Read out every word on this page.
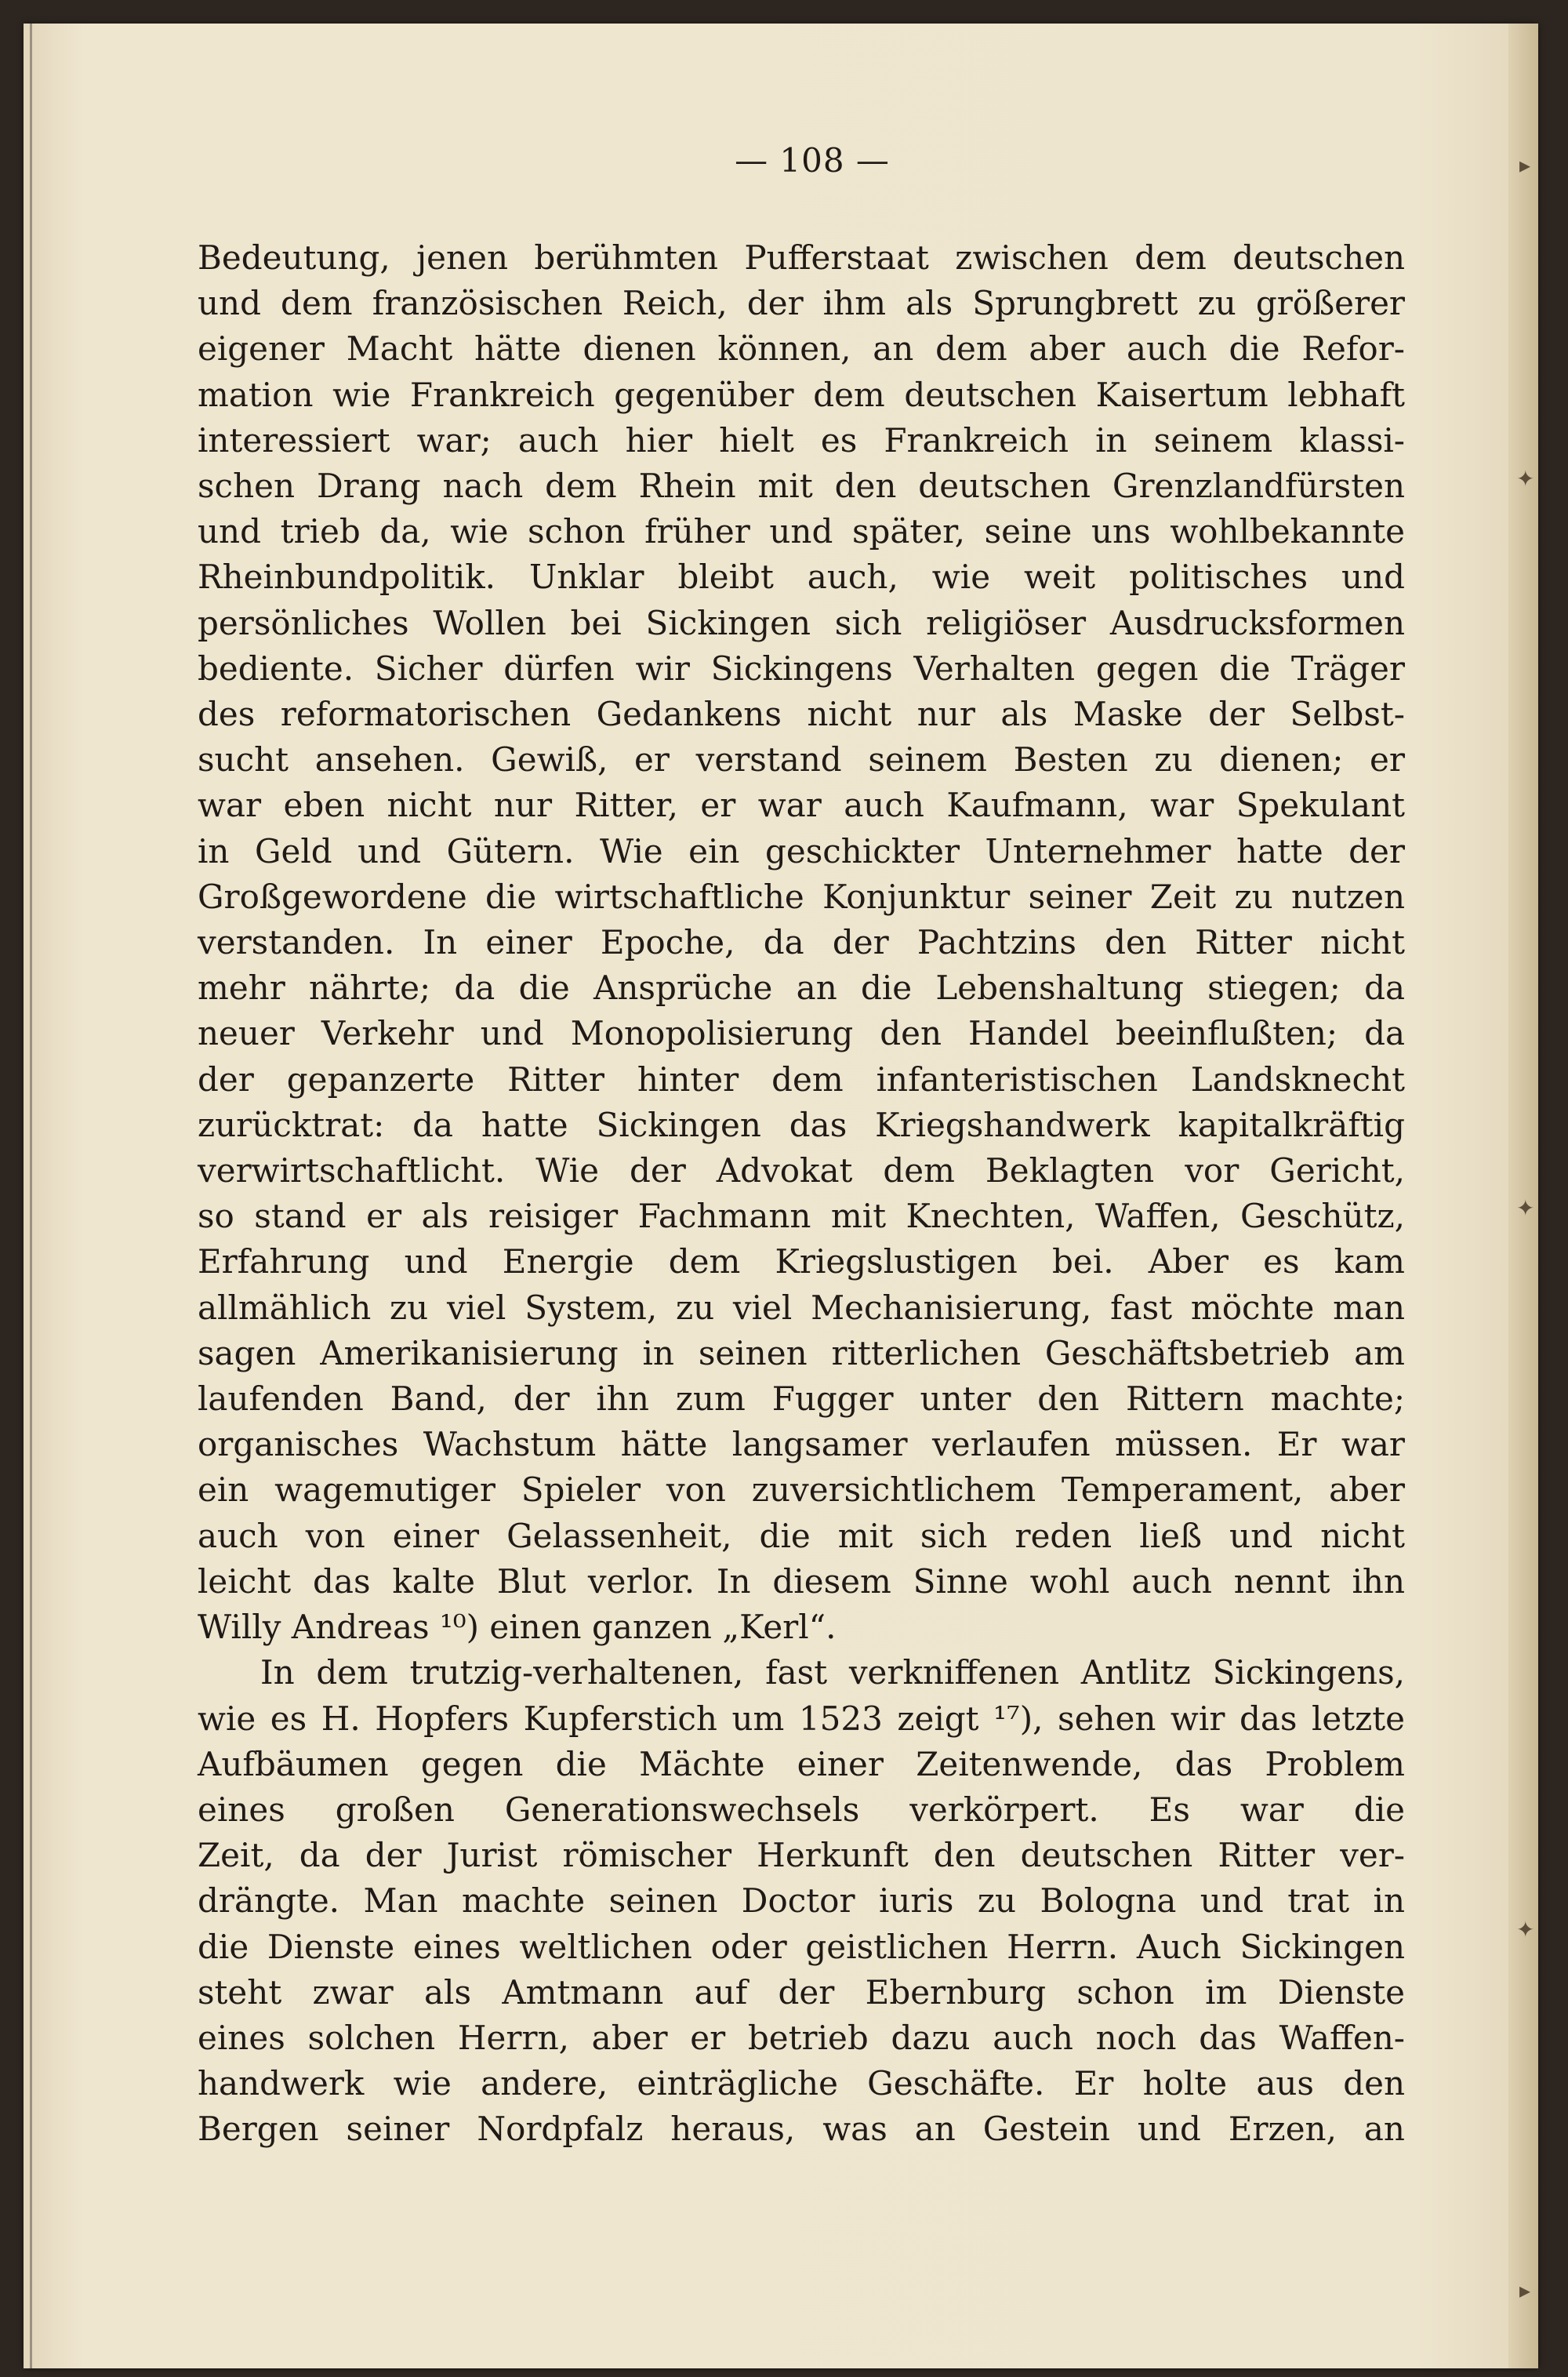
▸
✦
✦
✦
▸
— 108 —
Bedeutung, jenen berühmten Pufferstaat zwischen dem deutschen
und dem französischen Reich, der ihm als Sprungbrett zu größerer
eigener Macht hätte dienen können, an dem aber auch die Refor-
mation wie Frankreich gegenüber dem deutschen Kaisertum lebhaft
interessiert war; auch hier hielt es Frankreich in seinem klassi-
schen Drang nach dem Rhein mit den deutschen Grenzlandfürsten
und trieb da, wie schon früher und später, seine uns wohlbekannte
Rheinbundpolitik. Unklar bleibt auch, wie weit politisches und
persönliches Wollen bei Sickingen sich religiöser Ausdrucksformen
bediente. Sicher dürfen wir Sickingens Verhalten gegen die Träger
des reformatorischen Gedankens nicht nur als Maske der Selbst-
sucht ansehen. Gewiß, er verstand seinem Besten zu dienen; er
war eben nicht nur Ritter, er war auch Kaufmann, war Spekulant
in Geld und Gütern. Wie ein geschickter Unternehmer hatte der
Großgewordene die wirtschaftliche Konjunktur seiner Zeit zu nutzen
verstanden. In einer Epoche, da der Pachtzins den Ritter nicht
mehr nährte; da die Ansprüche an die Lebenshaltung stiegen; da
neuer Verkehr und Monopolisierung den Handel beeinflußten; da
der gepanzerte Ritter hinter dem infanteristischen Landsknecht
zurücktrat: da hatte Sickingen das Kriegshandwerk kapitalkräftig
verwirtschaftlicht. Wie der Advokat dem Beklagten vor Gericht,
so stand er als reisiger Fachmann mit Knechten, Waffen, Geschütz,
Erfahrung und Energie dem Kriegslustigen bei. Aber es kam
allmählich zu viel System, zu viel Mechanisierung, fast möchte man
sagen Amerikanisierung in seinen ritterlichen Geschäftsbetrieb am
laufenden Band, der ihn zum Fugger unter den Rittern machte;
organisches Wachstum hätte langsamer verlaufen müssen. Er war
ein wagemutiger Spieler von zuversichtlichem Temperament, aber
auch von einer Gelassenheit, die mit sich reden ließ und nicht
leicht das kalte Blut verlor. In diesem Sinne wohl auch nennt ihn
Willy Andreas ¹⁰) einen ganzen „Kerl“.
In dem trutzig-verhaltenen, fast verkniffenen Antlitz Sickingens,
wie es H. Hopfers Kupferstich um 1523 zeigt ¹⁷), sehen wir das letzte
Aufbäumen gegen die Mächte einer Zeitenwende, das Problem
eines großen Generationswechsels verkörpert. Es war die
Zeit, da der Jurist römischer Herkunft den deutschen Ritter ver-
drängte. Man machte seinen Doctor iuris zu Bologna und trat in
die Dienste eines weltlichen oder geistlichen Herrn. Auch Sickingen
steht zwar als Amtmann auf der Ebernburg schon im Dienste
eines solchen Herrn, aber er betrieb dazu auch noch das Waffen-
handwerk wie andere, einträgliche Geschäfte. Er holte aus den
Bergen seiner Nordpfalz heraus, was an Gestein und Erzen, an
